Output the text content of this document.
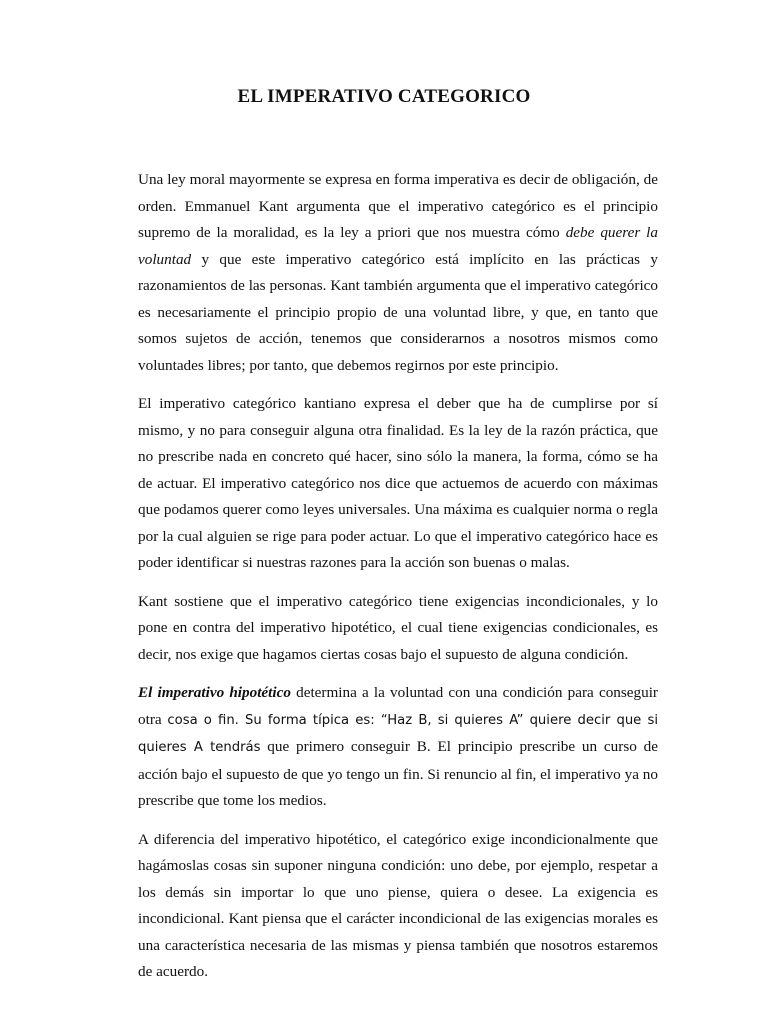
EL IMPERATIVO CATEGORICO

Una ley moral mayormente se expresa en forma imperativa es decir de obligación, de orden. Emmanuel Kant argumenta que el imperativo categórico es el principio supremo de la moralidad, es la ley a priori que nos muestra cómo debe querer la voluntad y que este imperativo categórico está implícito en las prácticas y razonamientos de las personas. Kant también argumenta que el imperativo categórico es necesariamente el principio propio de una voluntad libre, y que, en tanto que somos sujetos de acción, tenemos que considerarnos a nosotros mismos como voluntades libres; por tanto, que debemos regirnos por este principio.

El imperativo categórico kantiano expresa el deber que ha de cumplirse por sí mismo, y no para conseguir alguna otra finalidad. Es la ley de la razón práctica, que no prescribe nada en concreto qué hacer, sino sólo la manera, la forma, cómo se ha de actuar. El imperativo categórico nos dice que actuemos de acuerdo con máximas que podamos querer como leyes universales. Una máxima es cualquier norma o regla por la cual alguien se rige para poder actuar. Lo que el imperativo categórico hace es poder identificar si nuestras razones para la acción son buenas o malas.

Kant sostiene que el imperativo categórico tiene exigencias incondicionales, y lo pone en contra del imperativo hipotético, el cual tiene exigencias condicionales, es decir, nos exige que hagamos ciertas cosas bajo el supuesto de alguna condición.

El imperativo hipotético determina a la voluntad con una condición para conseguir otra cosa o fin. Su forma típica es: “Haz B, si quieres A” quiere decir que si quieres A tendrás que primero conseguir B. El principio prescribe un curso de acción bajo el supuesto de que yo tengo un fin. Si renuncio al fin, el imperativo ya no prescribe que tome los medios.

A diferencia del imperativo hipotético, el categórico exige incondicionalmente que hagámoslas cosas sin suponer ninguna condición: uno debe, por ejemplo, respetar a los demás sin importar lo que uno piense, quiera o desee. La exigencia es incondicional. Kant piensa que el carácter incondicional de las exigencias morales es una característica necesaria de las mismas y piensa también que nosotros estaremos de acuerdo.
